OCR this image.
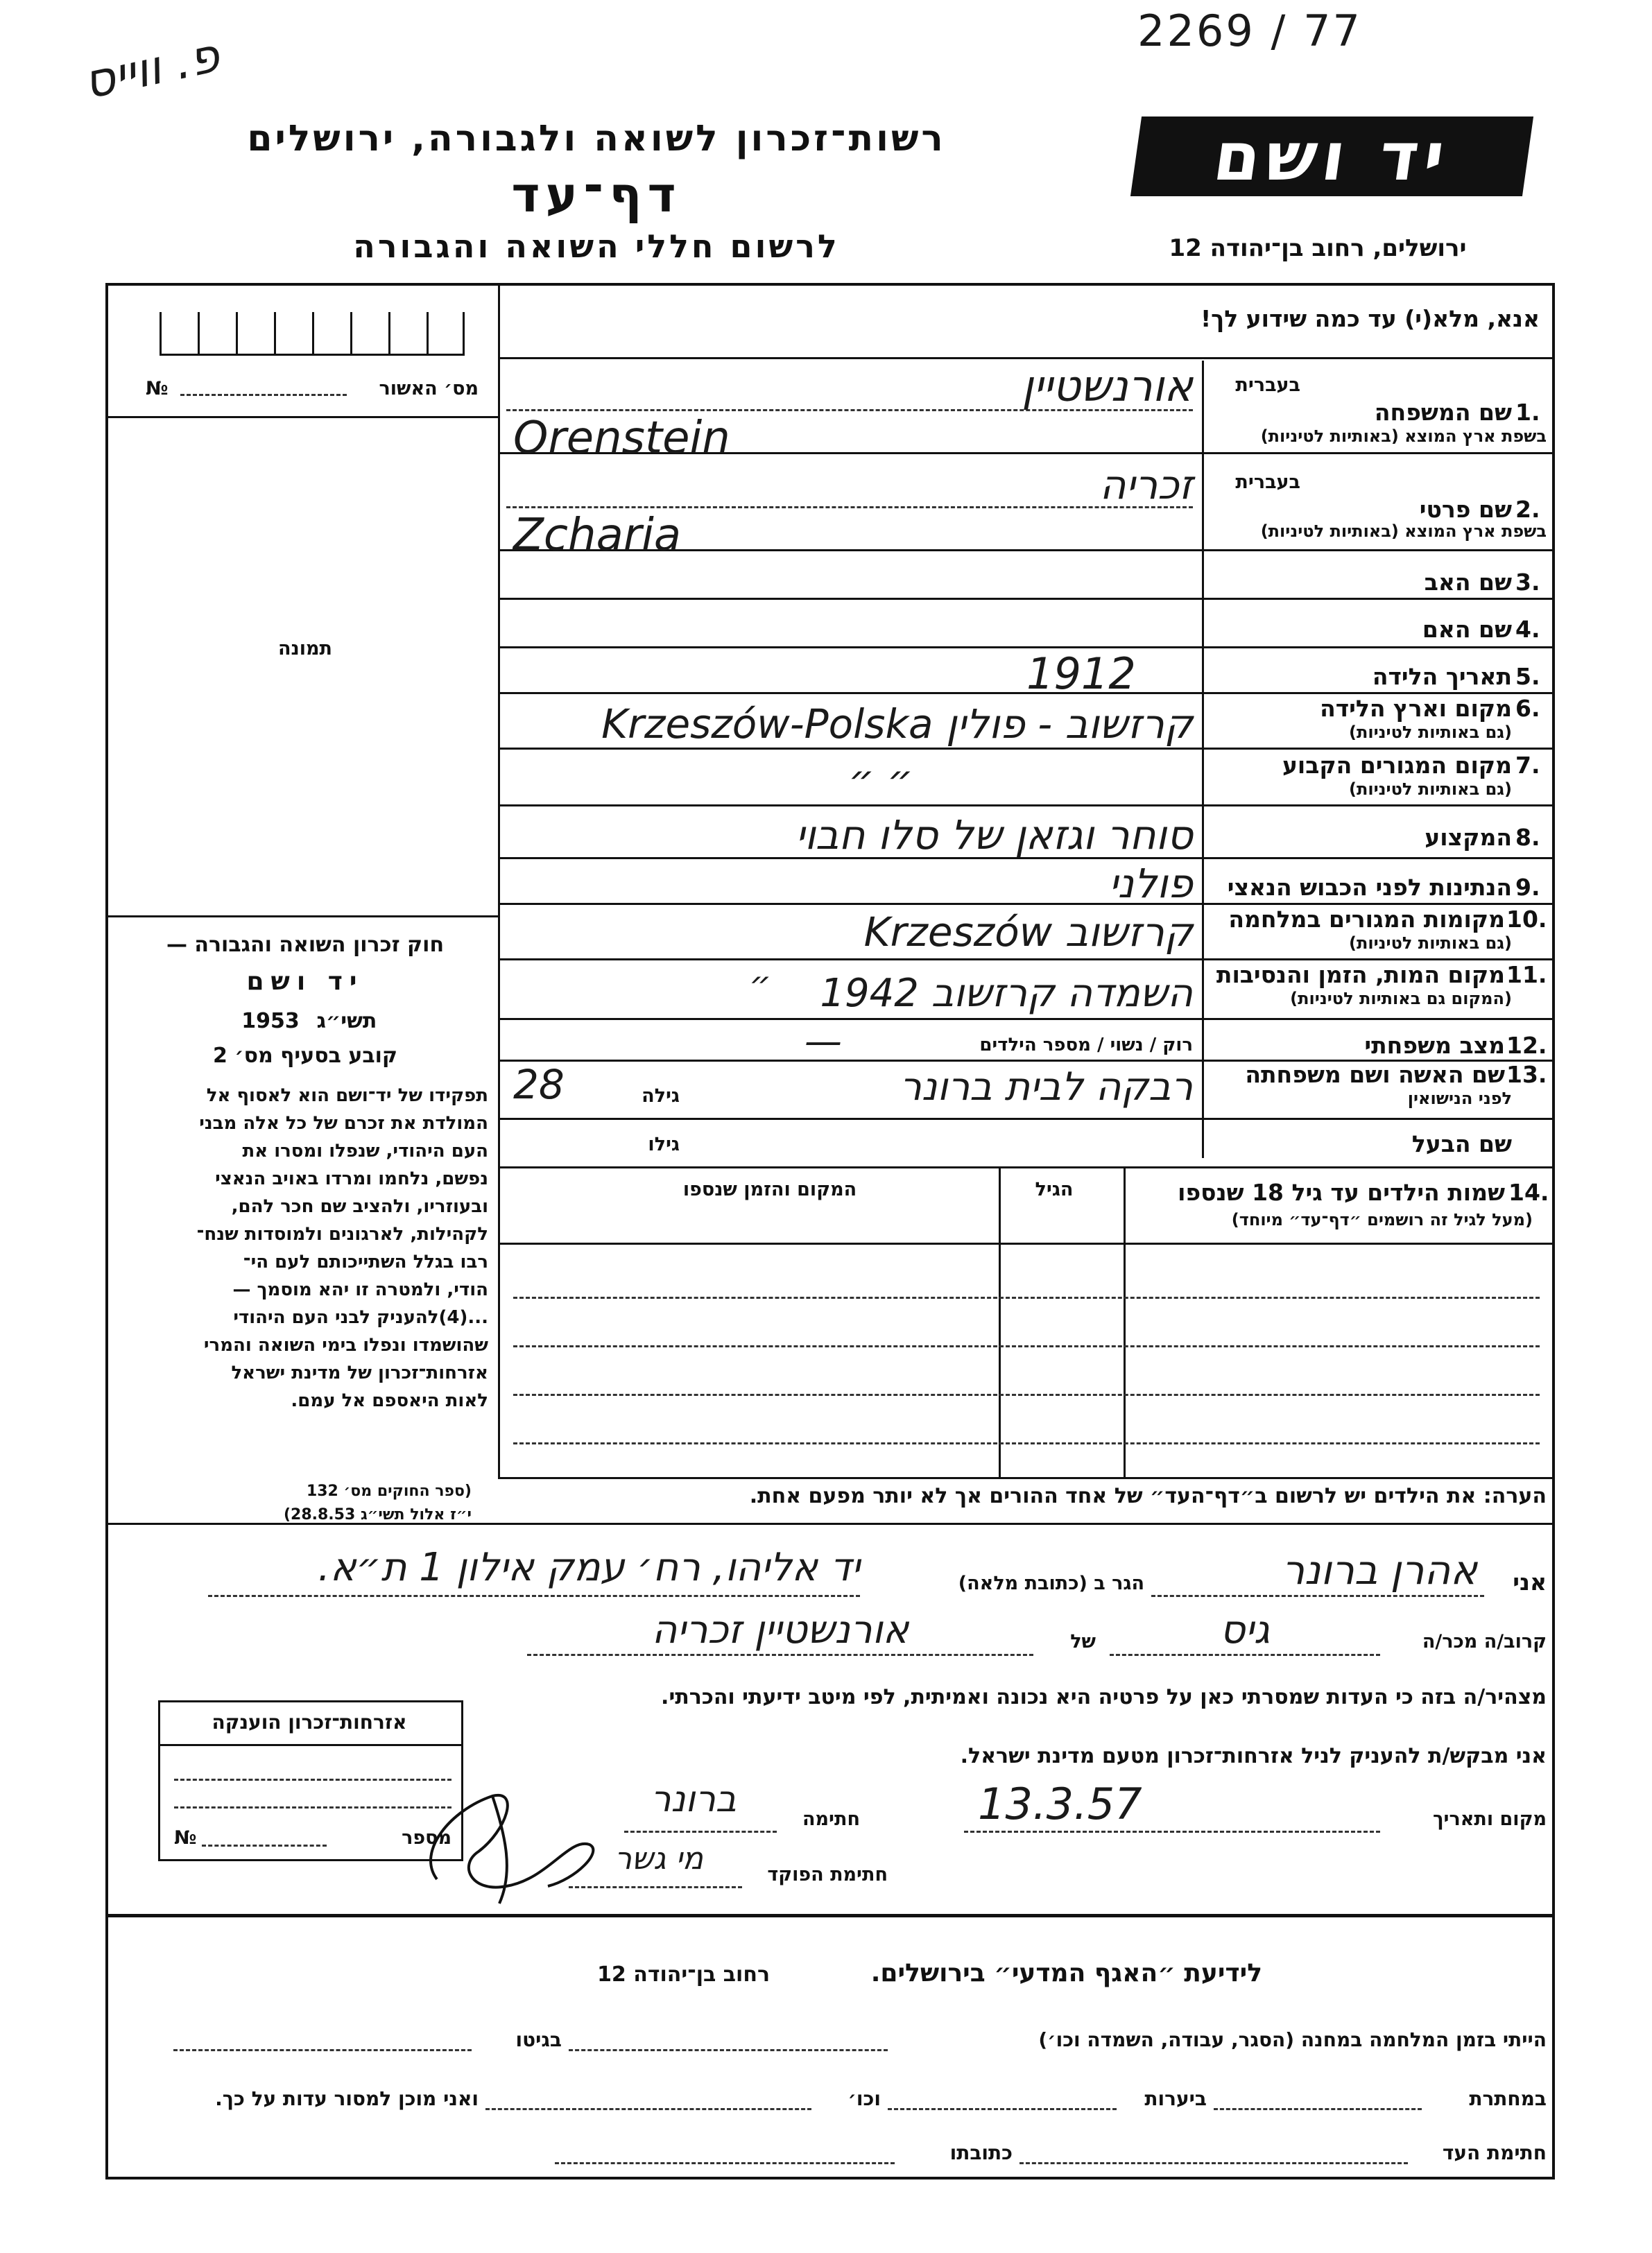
2269 / 77
פ. ווייס
רשות־זכרון לשואה ולגבורה, ירושלים
דף־עד
לרשום חללי השואה והגבורה
יד ושם
ירושלים, רחוב בן־יהודה 12
מס׳ האשור
№
תמונה
חוק זכרון השואה והגבורה —
יד ושם
תשי״ג
1953
קובע בסעיף מס׳ 2
תפקידו של יד־ושם הוא לאסוף אל
המולדת את זכרם של כל אלה מבני
העם היהודי, שנפלו ומסרו את
נפשם, נלחמו ומרדו באויב הנאצי
ובעוזריו, ולהציב שם חכר להם,
לקהילות, לארגונים ולמוסדות שנח־
רבו בגלל השתייכותם לעם הי־
הודי, ולמטרה זו יהא מוסמך —
...(4)להעניק לבני העם היהודי
שהושמדו ונפלו בימי השואה והמרי
אזרחות־זכרון של מדינת ישראל
לאות היאספם אל עמם.
(ספר החוקים מס׳ 132
י״ז אלול תשי״ג 28.8.53)
אנא, מלא(י) עד כמה שידוע לך!
בעברית
שם המשפחה 1.
בשפת ארץ המוצא (באותיות לטיניות)
בעברית
שם פרטי 2.
בשפת ארץ המוצא (באותיות לטיניות)
שם האב 3.
שם האם 4.
תאריך הלידה 5.
מקום וארץ הלידה 6.
(גם באותיות לטיניות)
מקום המגורים הקבוע 7.
(גם באותיות לטיניות)
המקצוע 8.
הנתינות לפני הכבוש הנאצי 9.
מקומות המגורים במלחמה 10.
(גם באותיות לטיניות)
מקום המות, הזמן והנסיבות 11.
(המקום גם באותיות לטיניות)
מצב משפחתי 12.
שם האשה ושם משפחתה 13.
לפני הנישואין
שם הבעל
אורנשטיין
Orenstein
זכריה
Zcharia
1912
קרזשוב - פולין Krzeszów-Polska
״ ״
סוחר וגזאן של סלו חבוי
פולני
קרזשוב Krzeszów
״	השמדה קרזשוב 1942
רוק / נשוי / מספר הילדים
—
רבקה לבית ברונר
גילה
28
גילו
14.
שמות הילדים עד גיל 18 שנספו
(מעל לגיל זה רושמים ״דף־עד״ מיוחד)
הגיל
המקום והזמן שנספו
הערה: את הילדים יש לרשום ב״דף־העד״ של אחד ההורים אך לא יותר מפעם אחת.
אני
אהרן ברונר
הגר ב (כתובת מלאה)
יד אליהו, רח׳ עמק אילון 1 ת״א.
קרוב/ה מכר/ה
גיס
של
אורנשטיין זכריה
מצהיר/ה בזה כי העדות שמסרתי כאן על פרטיה היא נכונה ואמיתית, לפי מיטב ידיעתי והכרתי.
אני מבקש/ת להעניק לניל אזרחות־זכרון מטעם מדינת ישראל.
מקום ותאריך
13.3.57
חתימה
ברונר
חתימת הפוקד
מי גשר
אזרחות־זכרון הוענקה
מספר
№
לידיעת ״האגף המדעי״ בירושלים.
רחוב בן־יהודה 12
הייתי בזמן המלחמה במחנה (הסגר, עבודה, השמדה וכו׳)
בגיטו
במחתרת
ביערות
וכו׳
ואני מוכן למסור עדות על כך.
חתימת העד
כתובתו
